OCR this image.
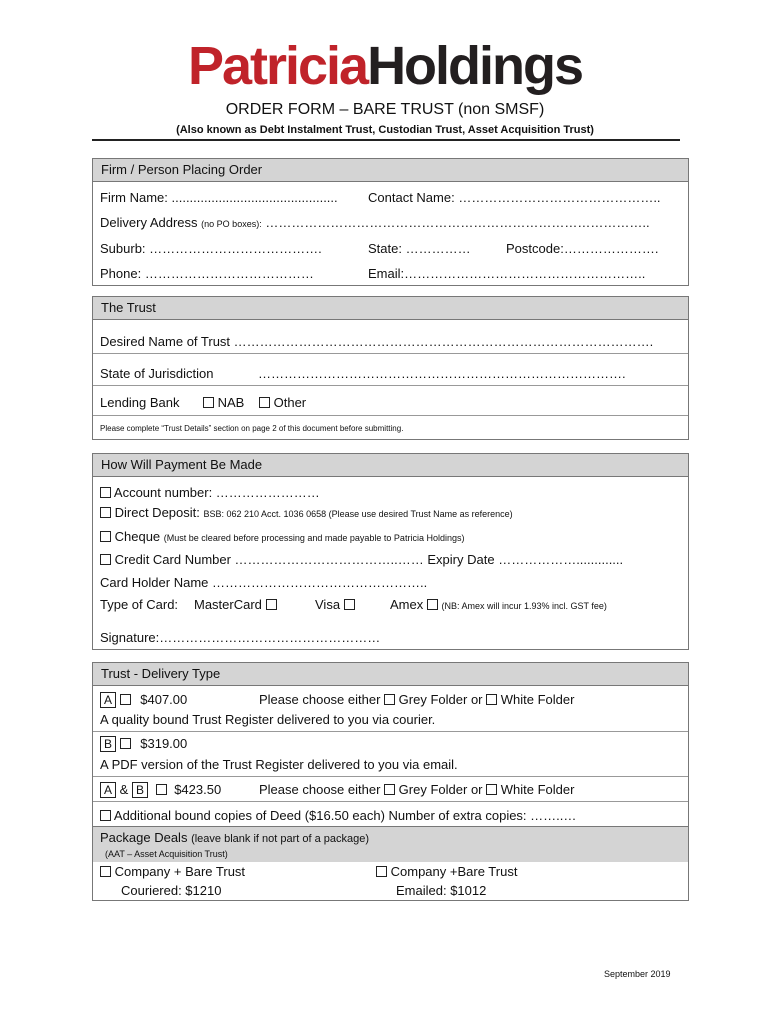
PatriciaHoldings
ORDER FORM – BARE TRUST (non SMSF)
(Also known as Debt Instalment Trust, Custodian Trust, Asset Acquisition Trust)
Firm / Person Placing Order
Firm Name: .............................................. Contact Name: ………………………………………..
Delivery Address (no PO boxes): ……………………………………………………………………………..
Suburb: ………………………………….	State: ……………	Postcode:………………….
Phone: …………………………………	Email:………………………………………………..
The Trust
Desired Name of Trust …………………………………………………………………………………….
State of Jurisdiction	………………………………………………………………………….
Lending Bank	NAB	Other
Please complete “Trust Details” section on page 2 of this document before submitting.
How Will Payment Be Made
Account number: ……………………
Direct Deposit: BSB: 062 210 Acct. 1036 0658 (Please use desired Trust Name as reference)
Cheque (Must be cleared before processing and made payable to Patricia Holdings)
Credit Card Number ………………………………..…… Expiry Date ……………….............
Card Holder Name …………………………………………..
Type of Card: MasterCard	Visa	Amex (NB: Amex will incur 1.93% incl. GST fee)
Signature:……………………………………………
Trust - Delivery Type
A $407.00	Please choose either Grey Folder or White Folder
A quality bound Trust Register delivered to you via courier.
B $319.00
A PDF version of the Trust Register delivered to you via email.
A & B $423.50	Please choose either Grey Folder or White Folder
Additional bound copies of Deed ($16.50 each) Number of extra copies: ……..…
Package Deals (leave blank if not part of a package)
(AAT – Asset Acquisition Trust)
Company + Bare Trust
Couriered: $1210
Company +Bare Trust
Emailed: $1012
September 2019
